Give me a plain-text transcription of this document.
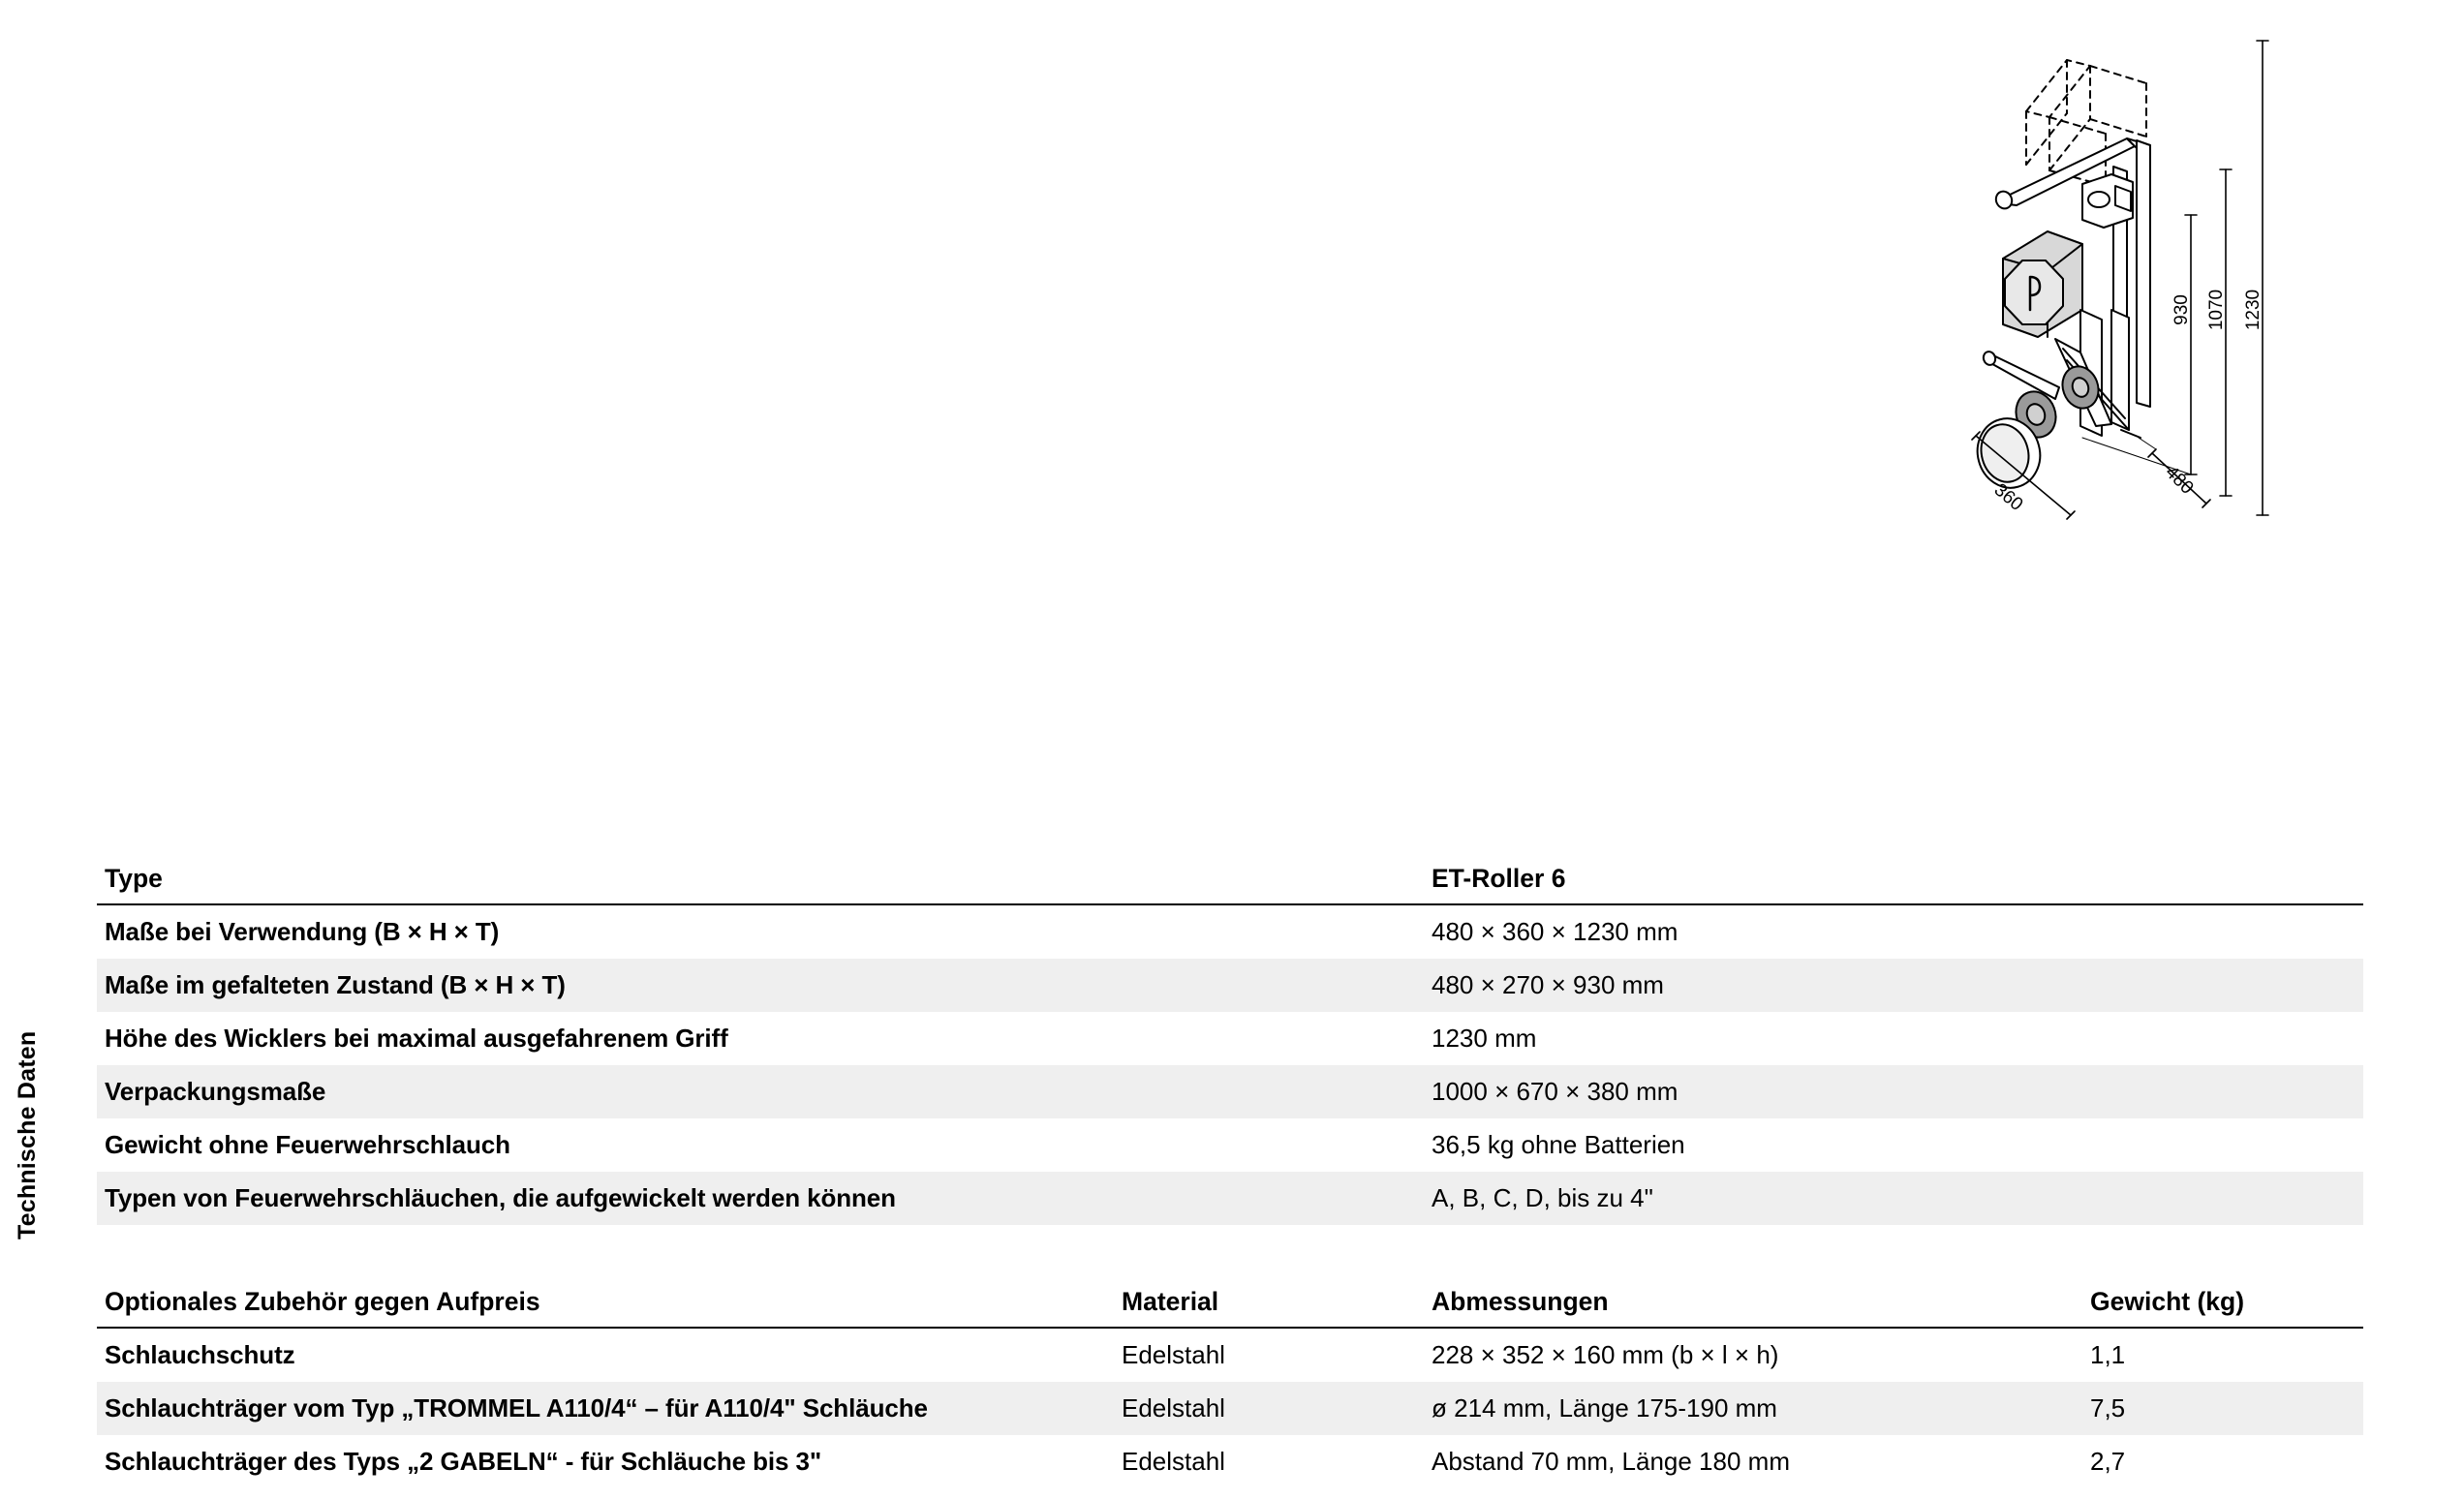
Technische Daten
930 1070 1230
480
360
Type	ET-Roller 6
Maße bei Verwendung (B × H × T)	480 × 360 × 1230 mm
Maße im gefalteten Zustand (B × H × T)	480 × 270 × 930 mm
Höhe des Wicklers bei maximal ausgefahrenem Griff	1230 mm
Verpackungsmaße	1000 × 670 × 380 mm
Gewicht ohne Feuerwehrschlauch	36,5 kg ohne Batterien
Typen von Feuerwehrschläuchen, die aufgewickelt werden können	A, B, C, D, bis zu 4"
Optionales Zubehör gegen Aufpreis	Material	Abmessungen	Gewicht (kg)
Schlauchschutz	Edelstahl	228 × 352 × 160 mm (b × l × h)	1,1
Schlauchträger vom Typ „TROMMEL A110/4“ – für A110/4" Schläuche	Edelstahl	ø 214 mm, Länge 175-190 mm	7,5
Schlauchträger des Typs „2 GABELN“ - für Schläuche bis 3"	Edelstahl	Abstand 70 mm, Länge 180 mm	2,7
